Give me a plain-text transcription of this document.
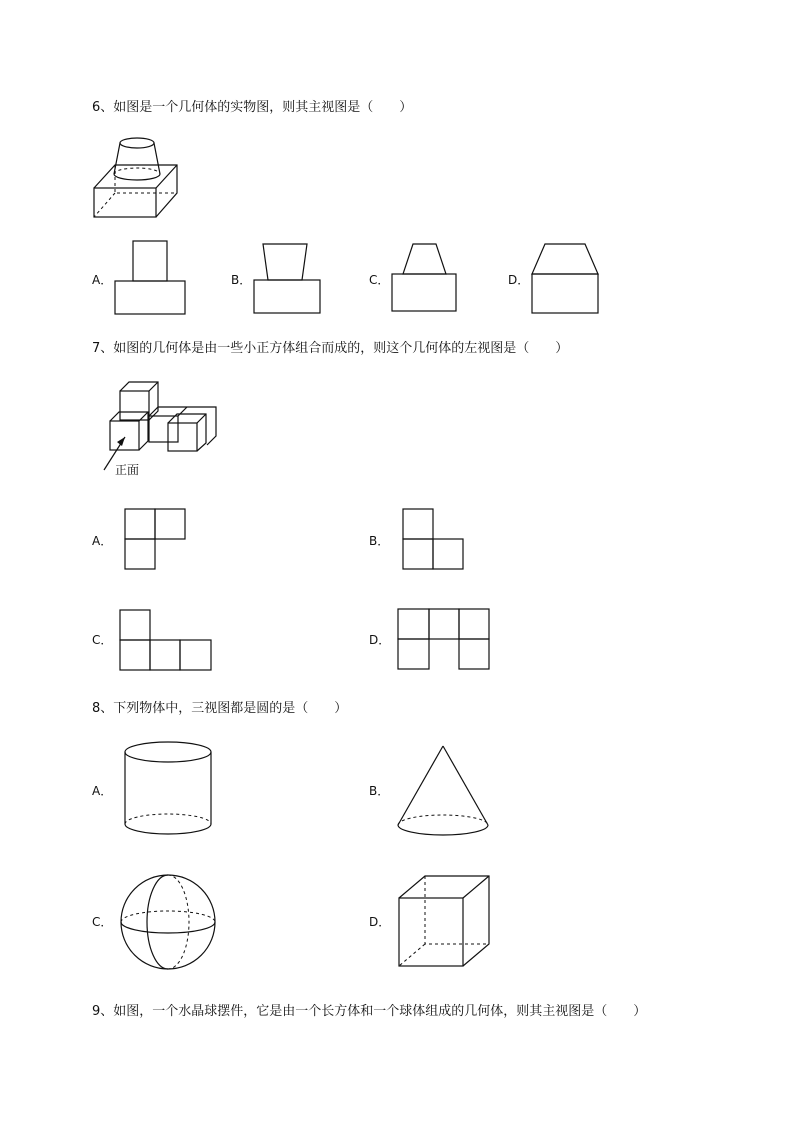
6、如图是一个几何体的实物图，则其主视图是（　　）
7、如图的几何体是由一些小正方体组合而成的，则这个几何体的左视图是（　　）
8、下列物体中，三视图都是圆的是（　　）
9、如图，一个水晶球摆件，它是由一个长方体和一个球体组成的几何体，则其主视图是（　　）
A．	B．	C．	D．
A．	B．
C．	D．
A．	B．
C．	D．
正面
